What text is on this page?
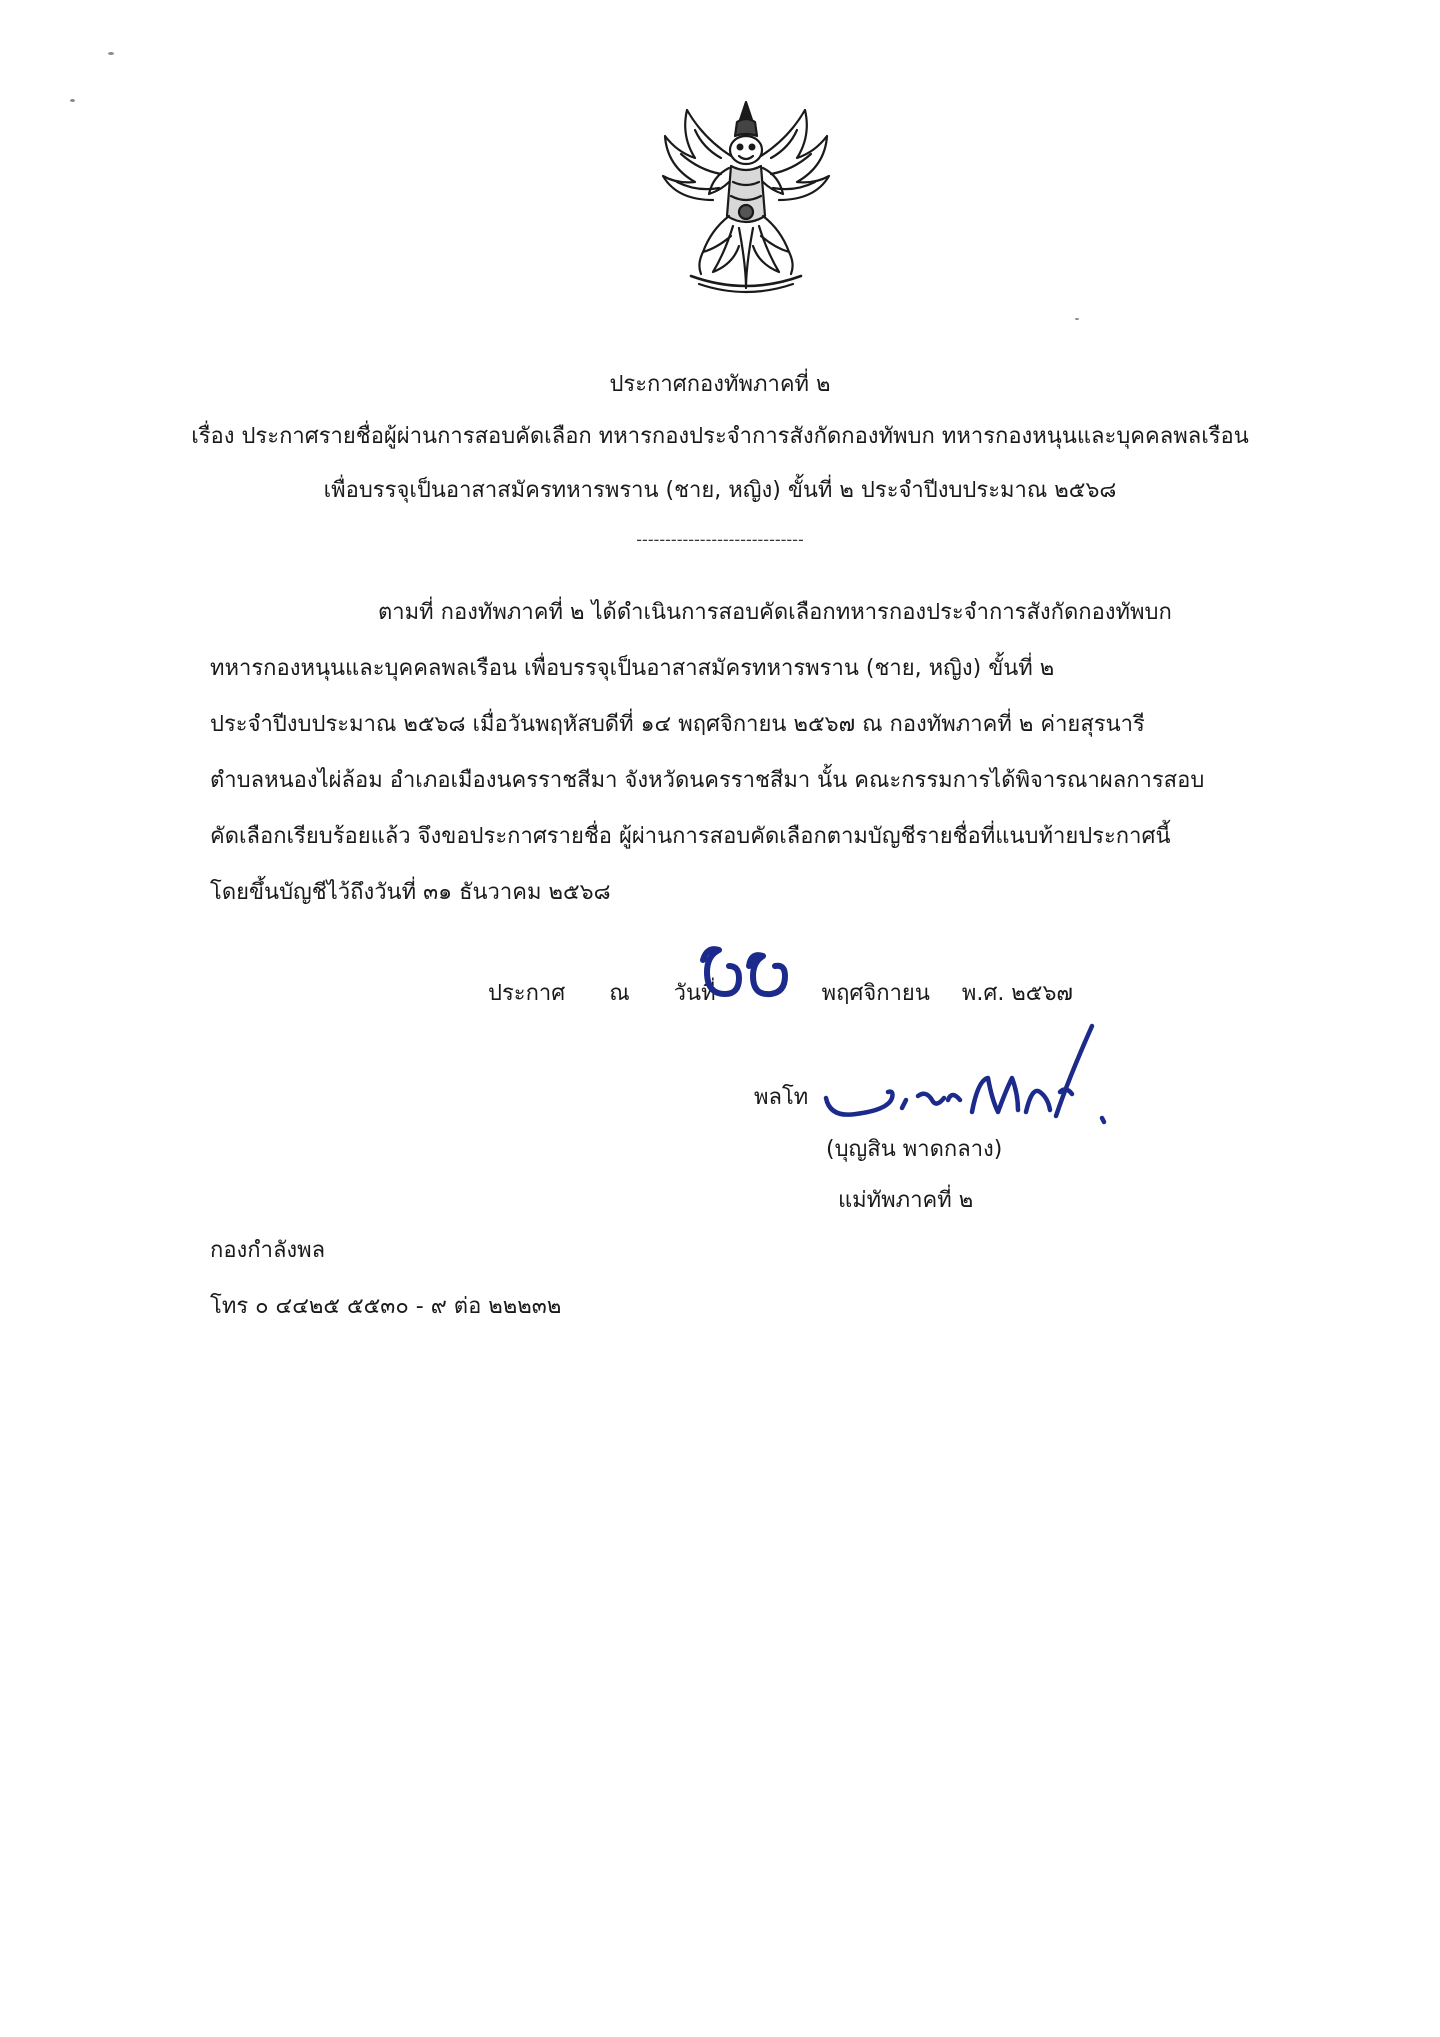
ประกาศกองทัพภาคที่ ๒
เรื่อง ประกาศรายชื่อผู้ผ่านการสอบคัดเลือก ทหารกองประจำการสังกัดกองทัพบก ทหารกองหนุนและบุคคลพลเรือน
เพื่อบรรจุเป็นอาสาสมัครทหารพราน (ชาย, หญิง) ขั้นที่ ๒ ประจำปีงบประมาณ ๒๕๖๘
-----------------------------
ตามที่ กองทัพภาคที่ ๒ ได้ดำเนินการสอบคัดเลือกทหารกองประจำการสังกัดกองทัพบก
ทหารกองหนุนและบุคคลพลเรือน เพื่อบรรจุเป็นอาสาสมัครทหารพราน (ชาย, หญิง) ขั้นที่ ๒
ประจำปีงบประมาณ ๒๕๖๘ เมื่อวันพฤหัสบดีที่ ๑๔ พฤศจิกายน ๒๕๖๗ ณ กองทัพภาคที่ ๒ ค่ายสุรนารี
ตำบลหนองไผ่ล้อม อำเภอเมืองนครราชสีมา จังหวัดนครราชสีมา นั้น คณะกรรมการได้พิจารณาผลการสอบ
คัดเลือกเรียบร้อยแล้ว จึงขอประกาศรายชื่อ ผู้ผ่านการสอบคัดเลือกตามบัญชีรายชื่อที่แนบท้ายประกาศนี้
โดยขึ้นบัญชีไว้ถึงวันที่ ๓๑ ธันวาคม ๒๕๖๘
ประกาศ ณ วันที่	พฤศจิกายน พ.ศ. ๒๕๖๗
พลโท
(บุญสิน พาดกลาง)
แม่ทัพภาคที่ ๒
กองกำลังพล
โทร ๐ ๔๔๒๕ ๕๕๓๐ - ๙ ต่อ ๒๒๒๓๒
